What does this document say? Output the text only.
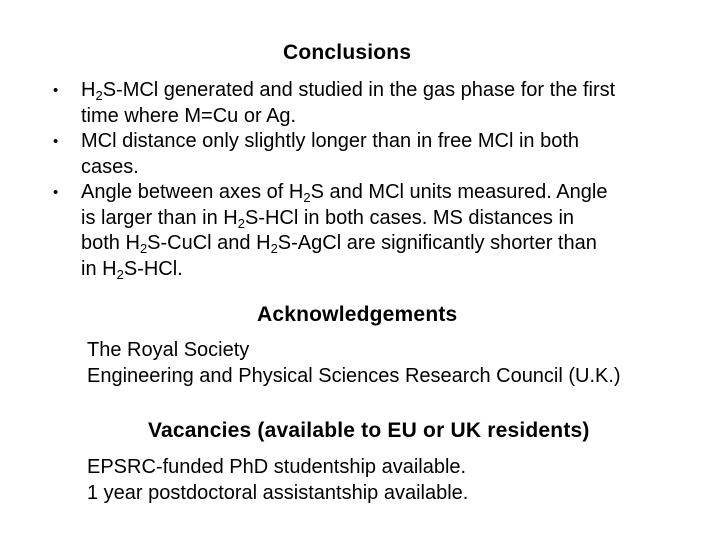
Conclusions
• $H_2S$-MCl generated and studied in the gas phase for the first
time where M=Cu or Ag.
• MCl distance only slightly longer than in free MCl in both
cases.
• Angle between axes of $H_2S$ and MCl units measured. Angle
is larger than in $H_2S$-HCl in both cases. MS distances in
both $H_2S$-CuCl and $H_2S$-AgCl are significantly shorter than
in $H_2S$-HCl.
Acknowledgements
The Royal Society
Engineering and Physical Sciences Research Council (U.K.)
Vacancies (available to EU or UK residents)
EPSRC-funded PhD studentship available.
1 year postdoctoral assistantship available.
